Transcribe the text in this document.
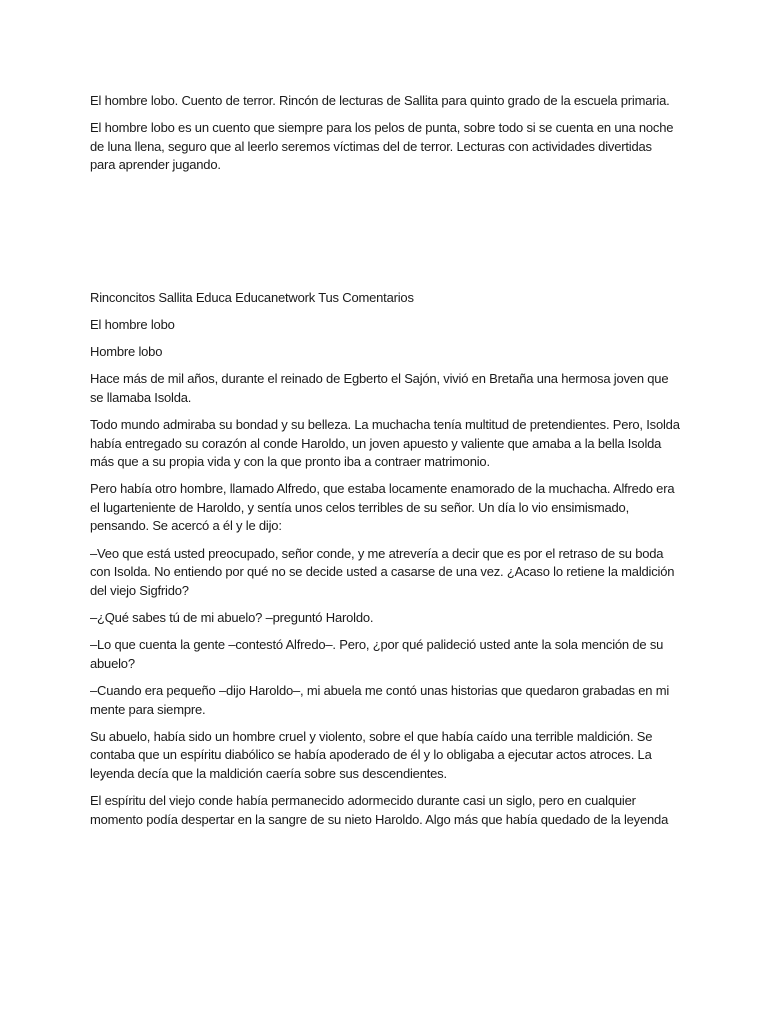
El hombre lobo. Cuento de terror. Rincón de lecturas de Sallita para quinto grado de la escuela primaria.

El hombre lobo es un cuento que siempre para los pelos de punta, sobre todo si se cuenta en una noche de luna llena, seguro que al leerlo seremos víctimas del de terror. Lecturas con actividades divertidas para aprender jugando.

Rinconcitos Sallita Educa Educanetwork Tus Comentarios

El hombre lobo

Hombre lobo

Hace más de mil años, durante el reinado de Egberto el Sajón, vivió en Bretaña una hermosa joven que se llamaba Isolda.

Todo mundo admiraba su bondad y su belleza. La muchacha tenía multitud de pretendientes. Pero, Isolda había entregado su corazón al conde Haroldo, un joven apuesto y valiente que amaba a la bella Isolda más que a su propia vida y con la que pronto iba a contraer matrimonio.

Pero había otro hombre, llamado Alfredo, que estaba locamente enamorado de la muchacha. Alfredo era el lugarteniente de Haroldo, y sentía unos celos terribles de su señor. Un día lo vio ensimismado, pensando. Se acercó a él y le dijo:

–Veo que está usted preocupado, señor conde, y me atrevería a decir que es por el retraso de su boda con Isolda. No entiendo por qué no se decide usted a casarse de una vez. ¿Acaso lo retiene la maldición del viejo Sigfrido?

–¿Qué sabes tú de mi abuelo? –preguntó Haroldo.

–Lo que cuenta la gente –contestó Alfredo–. Pero, ¿por qué palideció usted ante la sola mención de su abuelo?

–Cuando era pequeño –dijo Haroldo–, mi abuela me contó unas historias que quedaron grabadas en mi mente para siempre.

Su abuelo, había sido un hombre cruel y violento, sobre el que había caído una terrible maldición. Se contaba que un espíritu diabólico se había apoderado de él y lo obligaba a ejecutar actos atroces. La leyenda decía que la maldición caería sobre sus descendientes.

El espíritu del viejo conde había permanecido adormecido durante casi un siglo, pero en cualquier momento podía despertar en la sangre de su nieto Haroldo. Algo más que había quedado de la leyenda
